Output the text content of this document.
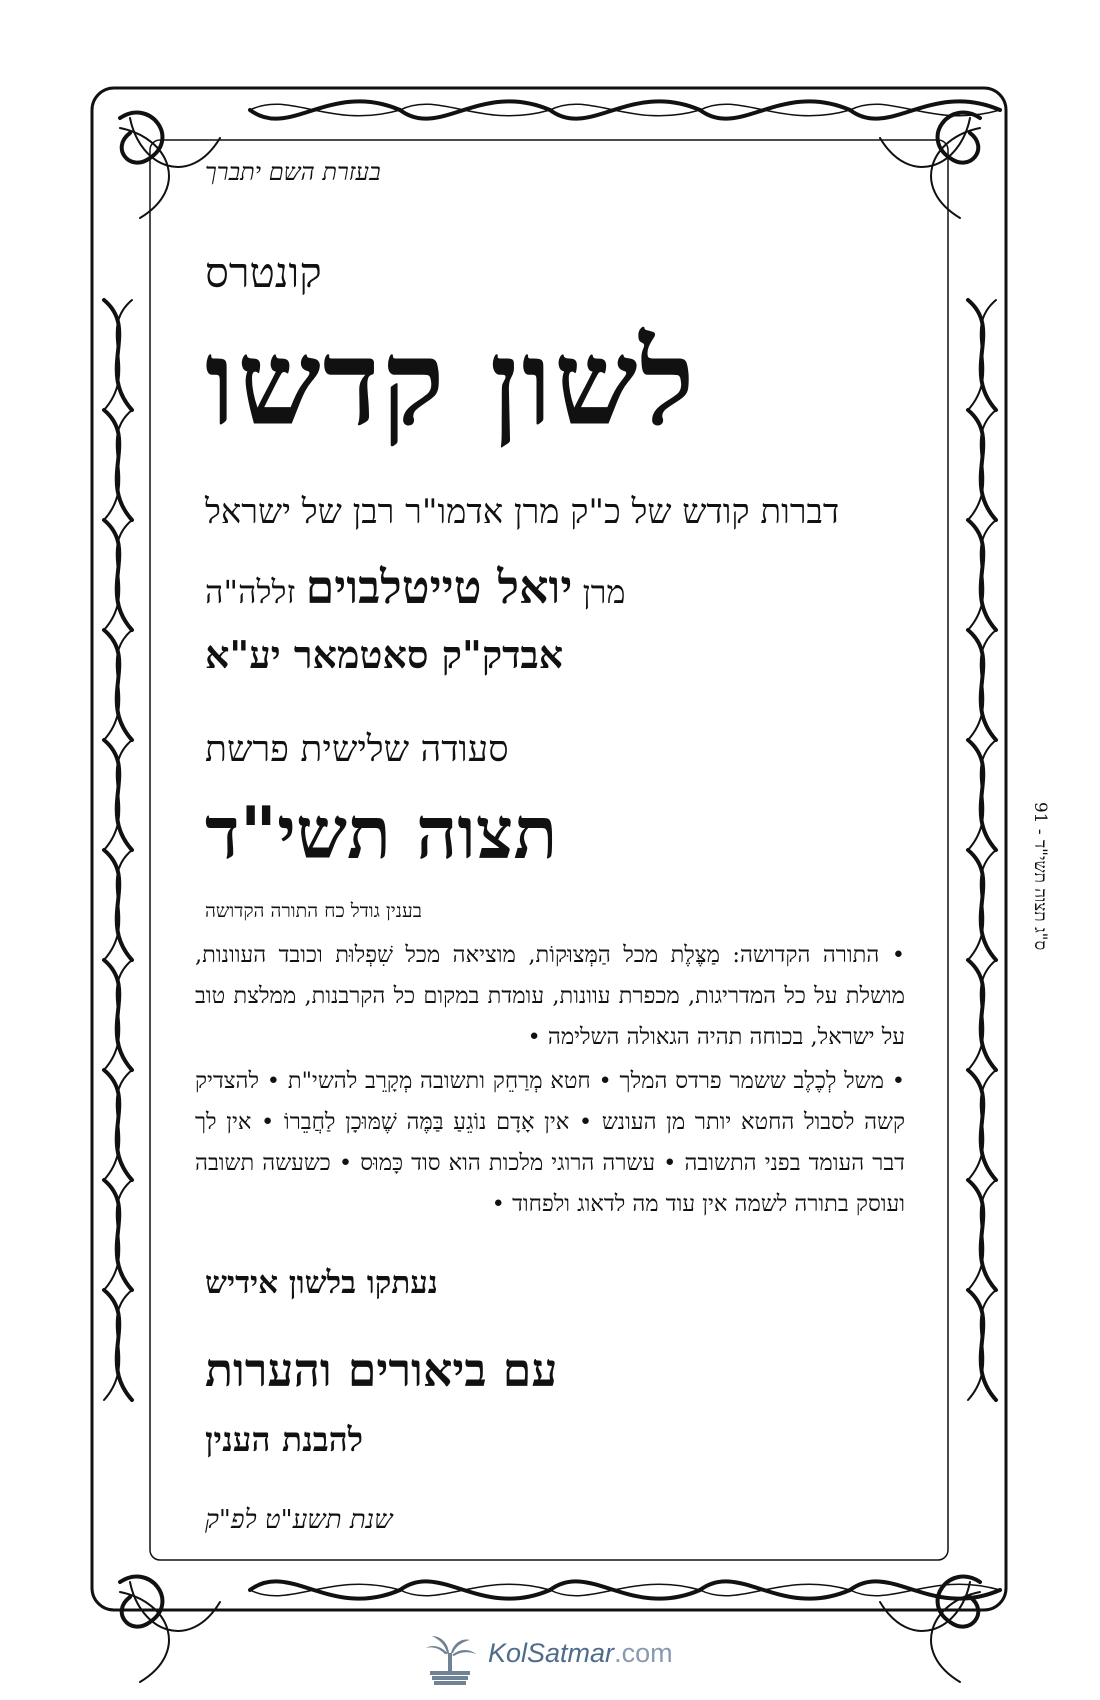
בעזרת השם יתברך
קונטרס
לשון קדשו
דברות קודש של כ"ק מרן אדמו"ר רבן של ישראל
מרן יואל טייטלבוים זללה"ה
אבדק"ק סאטמאר יע"א
סעודה שלישית פרשת
תצוה תשי"ד
בענין גודל כח התורה הקדושה
• התורה הקדושה: מַצֶּלֶת מכל הַמְּצוּקוֹת, מוציאה מכל שִׁפְלוּת וכובד העוונות, מושלת על כל המדריגות, מכפרת עוונות, עומדת במקום כל הקרבנות, ממלצת טוב על ישראל, בכוחה תהיה הגאולה השלימה •
• משל לְכֶלֶב ששמר פרדס המלך • חטא מְרַחֵק ותשובה מְקָרֵב להשי"ת • להצדיק קשה לסבול החטא יותר מן העונש • אין אָדָם נוֹגֵעַ בַּמֶּה שֶׁמּוּכָן לַחֲבֵרוֹ • אין לך דבר העומד בפני התשובה • עשרה הרוגי מלכות הוא סוד כָּמוּס • כשעשה תשובה ועוסק בתורה לשמה אין עוד מה לדאוג ולפחוד •
נעתקו בלשון אידיש
עם ביאורים והערות
להבנת הענין
שנת תשע"ט לפ"ק
ס"ג תצוה תשי"ד - 91
KolSatmar.com
